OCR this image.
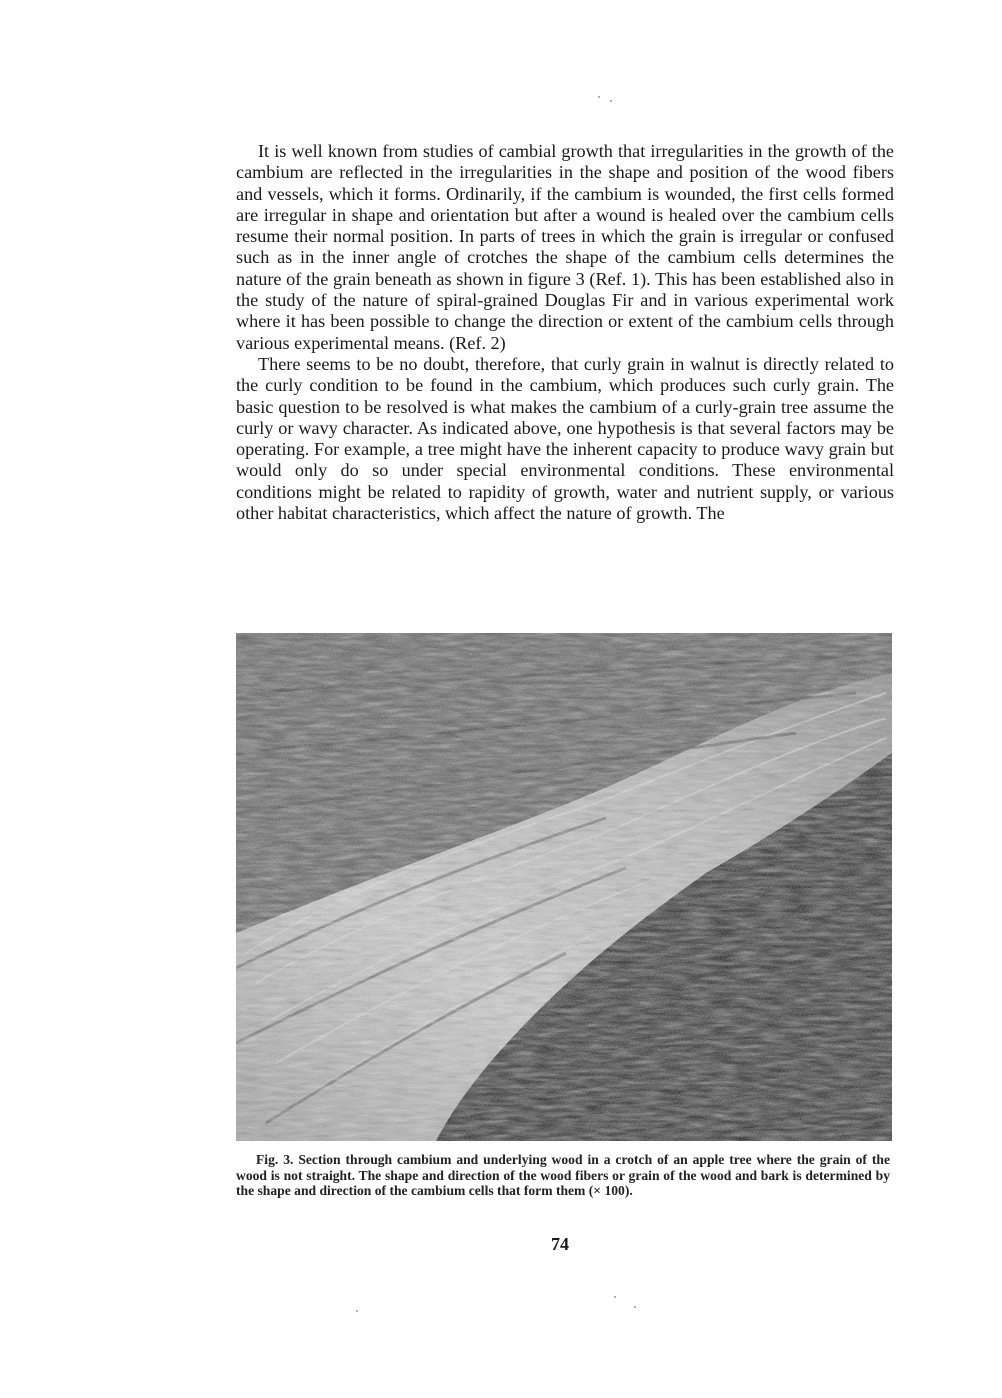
It is well known from studies of cambial growth that irregularities in the growth of the cambium are reflected in the irregularities in the shape and position of the wood fibers and vessels, which it forms. Ordinarily, if the cambium is wounded, the first cells formed are irregular in shape and orientation but after a wound is healed over the cambium cells resume their normal position. In parts of trees in which the grain is irregular or confused such as in the inner angle of crotches the shape of the cambium cells determines the nature of the grain beneath as shown in figure 3 (Ref. 1). This has been established also in the study of the nature of spiral-grained Douglas Fir and in various experimental work where it has been possible to change the direction or extent of the cambium cells through various experimental means. (Ref. 2)

There seems to be no doubt, therefore, that curly grain in walnut is directly related to the curly condition to be found in the cambium, which produces such curly grain. The basic question to be resolved is what makes the cambium of a curly-grain tree assume the curly or wavy character. As indicated above, one hypothesis is that several factors may be operating. For example, a tree might have the inherent capacity to produce wavy grain but would only do so under special environmental conditions. These environmental conditions might be related to rapidity of growth, water and nutrient supply, or various other habitat characteristics, which affect the nature of growth. The

Fig. 3. Section through cambium and underlying wood in a crotch of an apple tree where the grain of the wood is not straight. The shape and direction of the wood fibers or grain of the wood and bark is determined by the shape and direction of the cambium cells that form them (× 100).
74
